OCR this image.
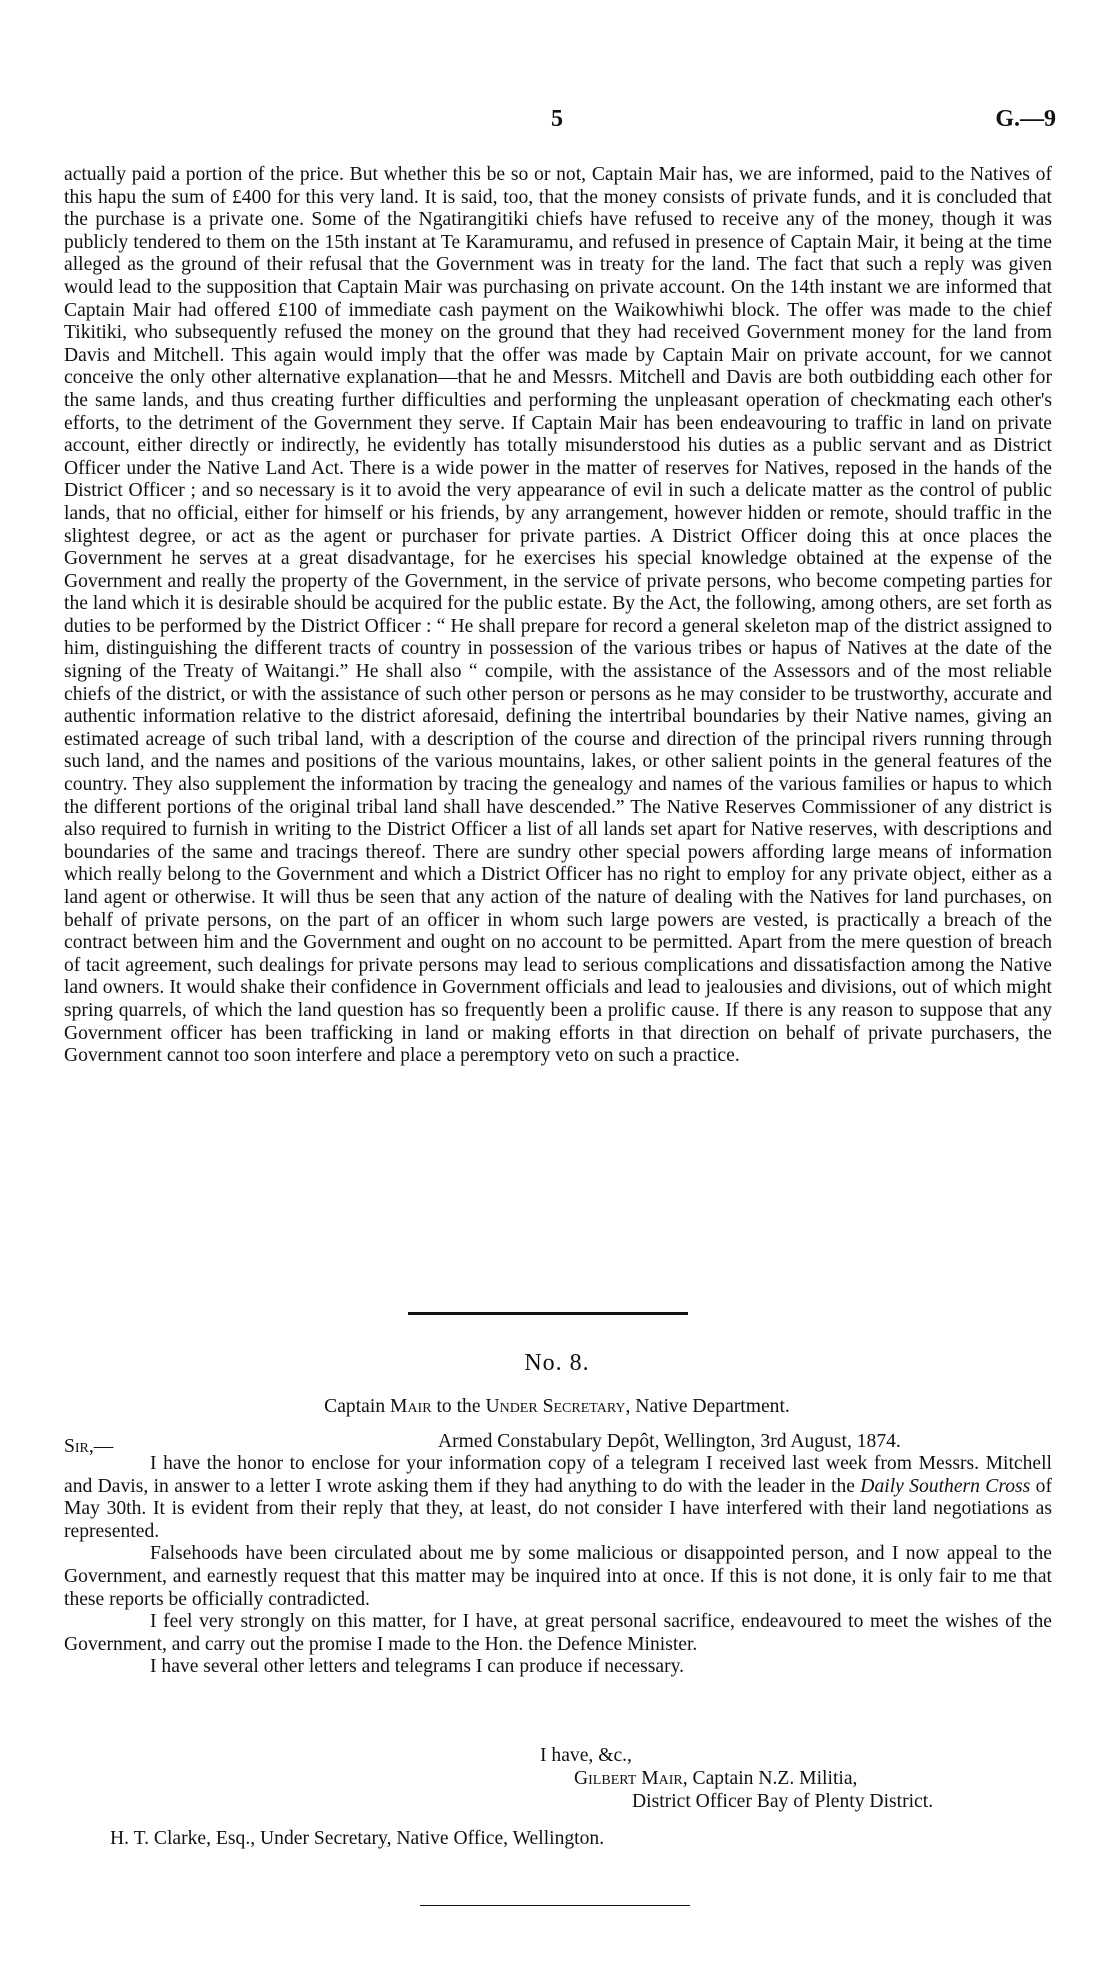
5	G.—9

actually paid a portion of the price. But whether this be so or not, Captain Mair has, we are informed, paid to the Natives of this hapu the sum of £400 for this very land. It is said, too, that the money consists of private funds, and it is concluded that the purchase is a private one. Some of the Ngatirangitiki chiefs have refused to receive any of the money, though it was publicly tendered to them on the 15th instant at Te Karamuramu, and refused in presence of Captain Mair, it being at the time alleged as the ground of their refusal that the Government was in treaty for the land. The fact that such a reply was given would lead to the supposition that Captain Mair was purchasing on private account. On the 14th instant we are informed that Captain Mair had offered £100 of immediate cash payment on the Waikowhiwhi block. The offer was made to the chief Tikitiki, who subsequently refused the money on the ground that they had received Government money for the land from Davis and Mitchell. This again would imply that the offer was made by Captain Mair on private account, for we cannot conceive the only other alternative explanation—that he and Messrs. Mitchell and Davis are both outbidding each other for the same lands, and thus creating further difficulties and performing the unpleasant operation of checkmating each other's efforts, to the detriment of the Government they serve. If Captain Mair has been endeavouring to traffic in land on private account, either directly or indirectly, he evidently has totally misunderstood his duties as a public servant and as District Officer under the Native Land Act. There is a wide power in the matter of reserves for Natives, reposed in the hands of the District Officer ; and so necessary is it to avoid the very appearance of evil in such a delicate matter as the control of public lands, that no official, either for himself or his friends, by any arrangement, however hidden or remote, should traffic in the slightest degree, or act as the agent or purchaser for private parties. A District Officer doing this at once places the Government he serves at a great disadvantage, for he exercises his special knowledge obtained at the expense of the Government and really the property of the Government, in the service of private persons, who become competing parties for the land which it is desirable should be acquired for the public estate. By the Act, the following, among others, are set forth as duties to be performed by the District Officer : “ He shall prepare for record a general skeleton map of the district assigned to him, distinguishing the different tracts of country in possession of the various tribes or hapus of Natives at the date of the signing of the Treaty of Waitangi.” He shall also “ compile, with the assistance of the Assessors and of the most reliable chiefs of the district, or with the assistance of such other person or persons as he may consider to be trustworthy, accurate and authentic information relative to the district aforesaid, defining the intertribal boundaries by their Native names, giving an estimated acreage of such tribal land, with a description of the course and direction of the principal rivers running through such land, and the names and positions of the various mountains, lakes, or other salient points in the general features of the country. They also supplement the information by tracing the genealogy and names of the various families or hapus to which the different portions of the original tribal land shall have descended.” The Native Reserves Commissioner of any district is also required to furnish in writing to the District Officer a list of all lands set apart for Native reserves, with descriptions and boundaries of the same and tracings thereof. There are sundry other special powers affording large means of information which really belong to the Government and which a District Officer has no right to employ for any private object, either as a land agent or otherwise. It will thus be seen that any action of the nature of dealing with the Natives for land purchases, on behalf of private persons, on the part of an officer in whom such large powers are vested, is practically a breach of the contract between him and the Government and ought on no account to be permitted. Apart from the mere question of breach of tacit agreement, such dealings for private persons may lead to serious complications and dissatisfaction among the Native land owners. It would shake their confidence in Government officials and lead to jealousies and divisions, out of which might spring quarrels, of which the land question has so frequently been a prolific cause. If there is any reason to suppose that any Government officer has been trafficking in land or making efforts in that direction on behalf of private purchasers, the Government cannot too soon interfere and place a peremptory veto on such a practice.

No. 8.
Captain Mair to the Under Secretary, Native Department.
Sir,—	Armed Constabulary Depôt, Wellington, 3rd August, 1874.

I have the honor to enclose for your information copy of a telegram I received last week from Messrs. Mitchell and Davis, in answer to a letter I wrote asking them if they had anything to do with the leader in the Daily Southern Cross of May 30th. It is evident from their reply that they, at least, do not consider I have interfered with their land negotiations as represented.

Falsehoods have been circulated about me by some malicious or disappointed person, and I now appeal to the Government, and earnestly request that this matter may be inquired into at once. If this is not done, it is only fair to me that these reports be officially contradicted.

I feel very strongly on this matter, for I have, at great personal sacrifice, endeavoured to meet the wishes of the Government, and carry out the promise I made to the Hon. the Defence Minister.

I have several other letters and telegrams I can produce if necessary.

I have, &c.,
Gilbert Mair, Captain N.Z. Militia,
District Officer Bay of Plenty District.
H. T. Clarke, Esq., Under Secretary, Native Office, Wellington.
